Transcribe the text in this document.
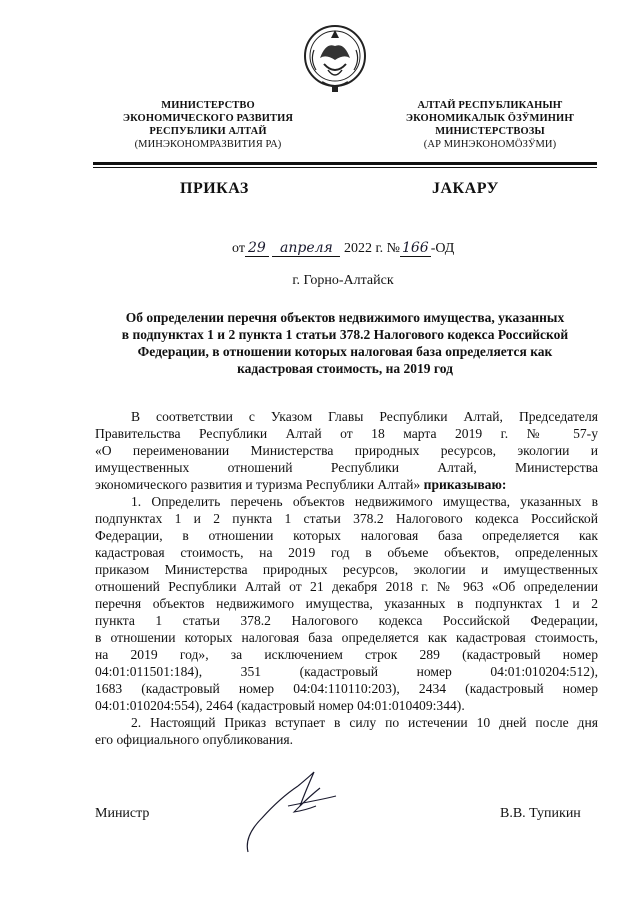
МИНИСТЕРСТВО
ЭКОНОМИЧЕСКОГО РАЗВИТИЯ
РЕСПУБЛИКИ АЛТАЙ
(МИНЭКОНОМРАЗВИТИЯ РА)
АЛТАЙ РЕСПУБЛИКАНЫҤ
ЭКОНОМИКАЛЫК ӦЗӰМИНИҤ
МИНИСТЕРСТВОЗЫ
(АР МИНЭКОНОМӦЗӰМИ)
ПРИКАЗ	ЈАКАРУ
от 29 апреля 2022 г. № 166 -ОД
г. Горно-Алтайск
Об определении перечня объектов недвижимого имущества, указанных
в подпунктах 1 и 2 пункта 1 статьи 378.2 Налогового кодекса Российской
Федерации, в отношении которых налоговая база определяется как
кадастровая стоимость, на 2019 год
В соответствии с Указом Главы Республики Алтай, Председателя
Правительства Республики Алтай от 18 марта 2019 г. № 57-у
«О переименовании Министерства природных ресурсов, экологии и
имущественных отношений Республики Алтай, Министерства
экономического развития и туризма Республики Алтай» приказываю:
1. Определить перечень объектов недвижимого имущества, указанных в
подпунктах 1 и 2 пункта 1 статьи 378.2 Налогового кодекса Российской
Федерации, в отношении которых налоговая база определяется как
кадастровая стоимость, на 2019 год в объеме объектов, определенных
приказом Министерства природных ресурсов, экологии и имущественных
отношений Республики Алтай от 21 декабря 2018 г. № 963 «Об определении
перечня объектов недвижимого имущества, указанных в подпунктах 1 и 2
пункта 1 статьи 378.2 Налогового кодекса Российской Федерации,
в отношении которых налоговая база определяется как кадастровая стоимость,
на 2019 год», за исключением строк 289 (кадастровый номер
04:01:011501:184), 351 (кадастровый номер 04:01:010204:512),
1683 (кадастровый номер 04:04:110110:203), 2434 (кадастровый номер
04:01:010204:554), 2464 (кадастровый номер 04:01:010409:344).
2. Настоящий Приказ вступает в силу по истечении 10 дней после дня
его официального опубликования.
Министр	В.В. Тупикин
